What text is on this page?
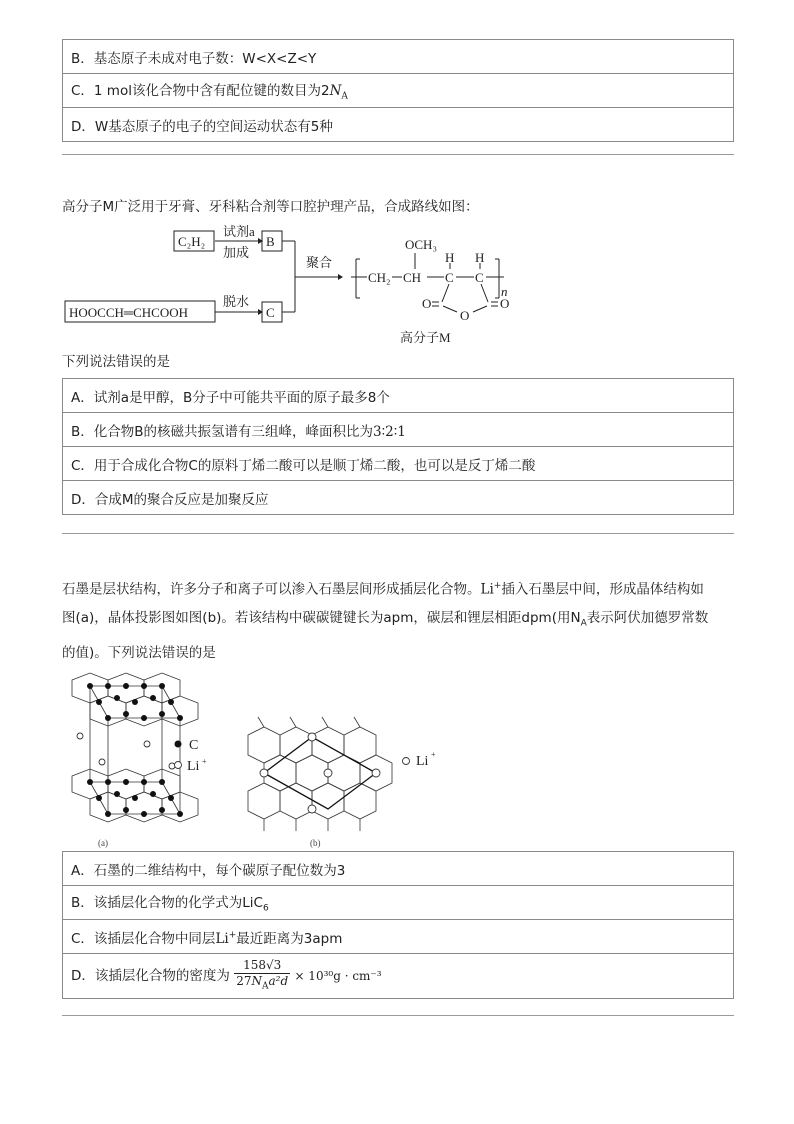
B．基态原子未成对电子数：W<X<Z<Y
C．1 mol该化合物中含有配位键的数目为$2N_A$
D．W基态原子的电子的空间运动状态有5种
高分子M广泛用于牙膏、牙科粘合剂等口腔护理产品，合成路线如图：
C₂H₂
试剂a
加成
B
HOOCCH═CHCOOH
脱水
C
聚合
CH₂ CH
OCH₃
C C
H H
O
O
O
n
高分子M
下列说法错误的是
A．试剂a是甲醇，B分子中可能共平面的原子最多8个
B．化合物B的核磁共振氢谱有三组峰，峰面积比为3∶2∶1
C．用于合成化合物C的原料丁烯二酸可以是顺丁烯二酸，也可以是反丁烯二酸
D．合成M的聚合反应是加聚反应
石墨是层状结构，许多分子和离子可以渗入石墨层间形成插层化合物。Li+插入石墨层中间，形成晶体结构如
图(a)，晶体投影图如图(b)。若该结构中碳碳键键长为apm，碳层和锂层相距dpm(用$N_A$表示阿伏加德罗常数
的值)。下列说法错误的是
C
Li +
(a)
Li +
(b)
A．石墨的二维结构中，每个碳原子配位数为3
B．该插层化合物的化学式为LiC$_6$
C．该插层化合物中同层Li+最近距离为3apm
D．该插层化合物的密度为 $\frac{158√3}{27N_Aa^2d} \times 10^{30}g \cdot cm^{-3}$
